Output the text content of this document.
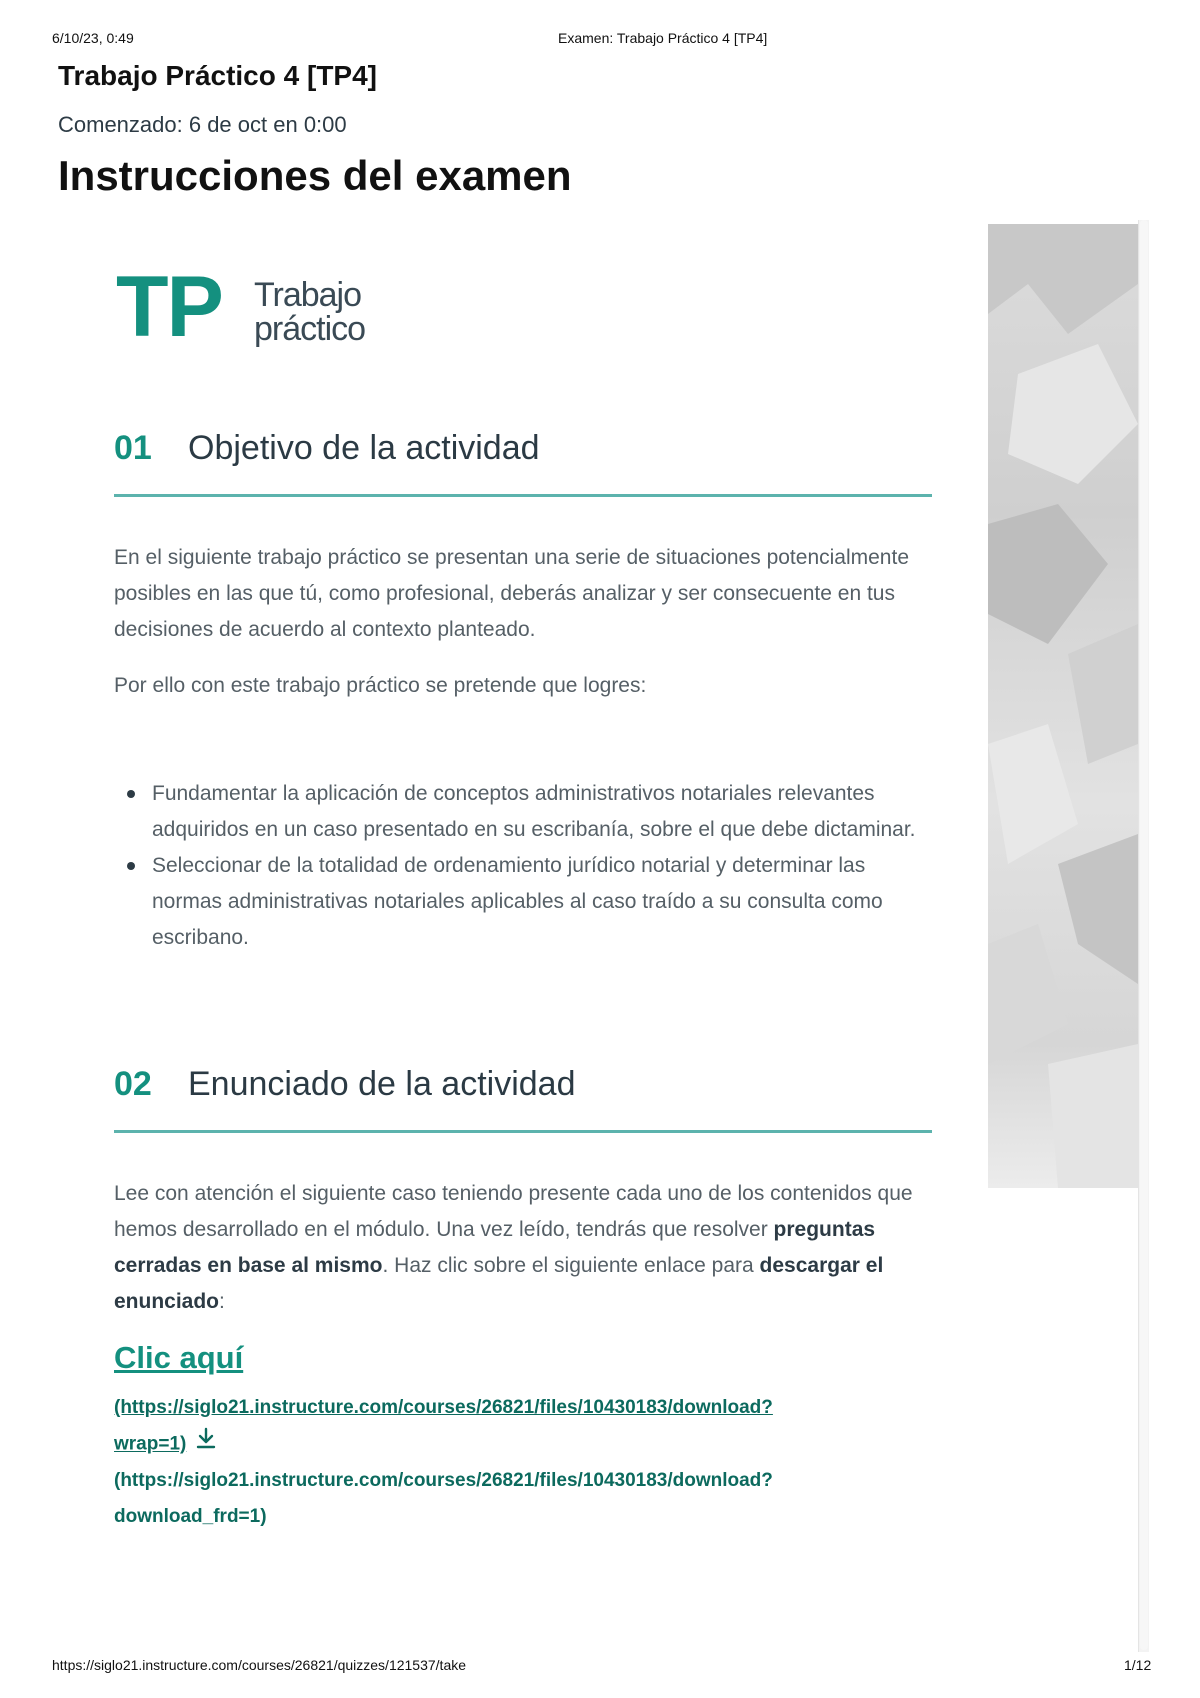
6/10/23, 0:49	Examen: Trabajo Práctico 4 [TP4]
Trabajo Práctico 4 [TP4]
Comenzado: 6 de oct en 0:00
Instrucciones del examen
TP Trabajo
práctico
01 Objetivo de la actividad

En el siguiente trabajo práctico se presentan una serie de situaciones potencialmente posibles en las que tú, como profesional, deberás analizar y ser consecuente en tus decisiones de acuerdo al contexto planteado.

Por ello con este trabajo práctico se pretende que logres:

Fundamentar la aplicación de conceptos administrativos notariales relevantes adquiridos en un caso presentado en su escribanía, sobre el que debe dictaminar.
Seleccionar de la totalidad de ordenamiento jurídico notarial y determinar las normas administrativas notariales aplicables al caso traído a su consulta como escribano.
02 Enunciado de la actividad

Lee con atención el siguiente caso teniendo presente cada uno de los contenidos que hemos desarrollado en el módulo. Una vez leído, tendrás que resolver preguntas cerradas en base al mismo. Haz clic sobre el siguiente enlace para descargar el enunciado:

Clic aquí
(https://siglo21.instructure.com/courses/26821/files/10430183/download?
wrap=1)
(https://siglo21.instructure.com/courses/26821/files/10430183/download?
download_frd=1)
https://siglo21.instructure.com/courses/26821/quizzes/121537/take	1/12
